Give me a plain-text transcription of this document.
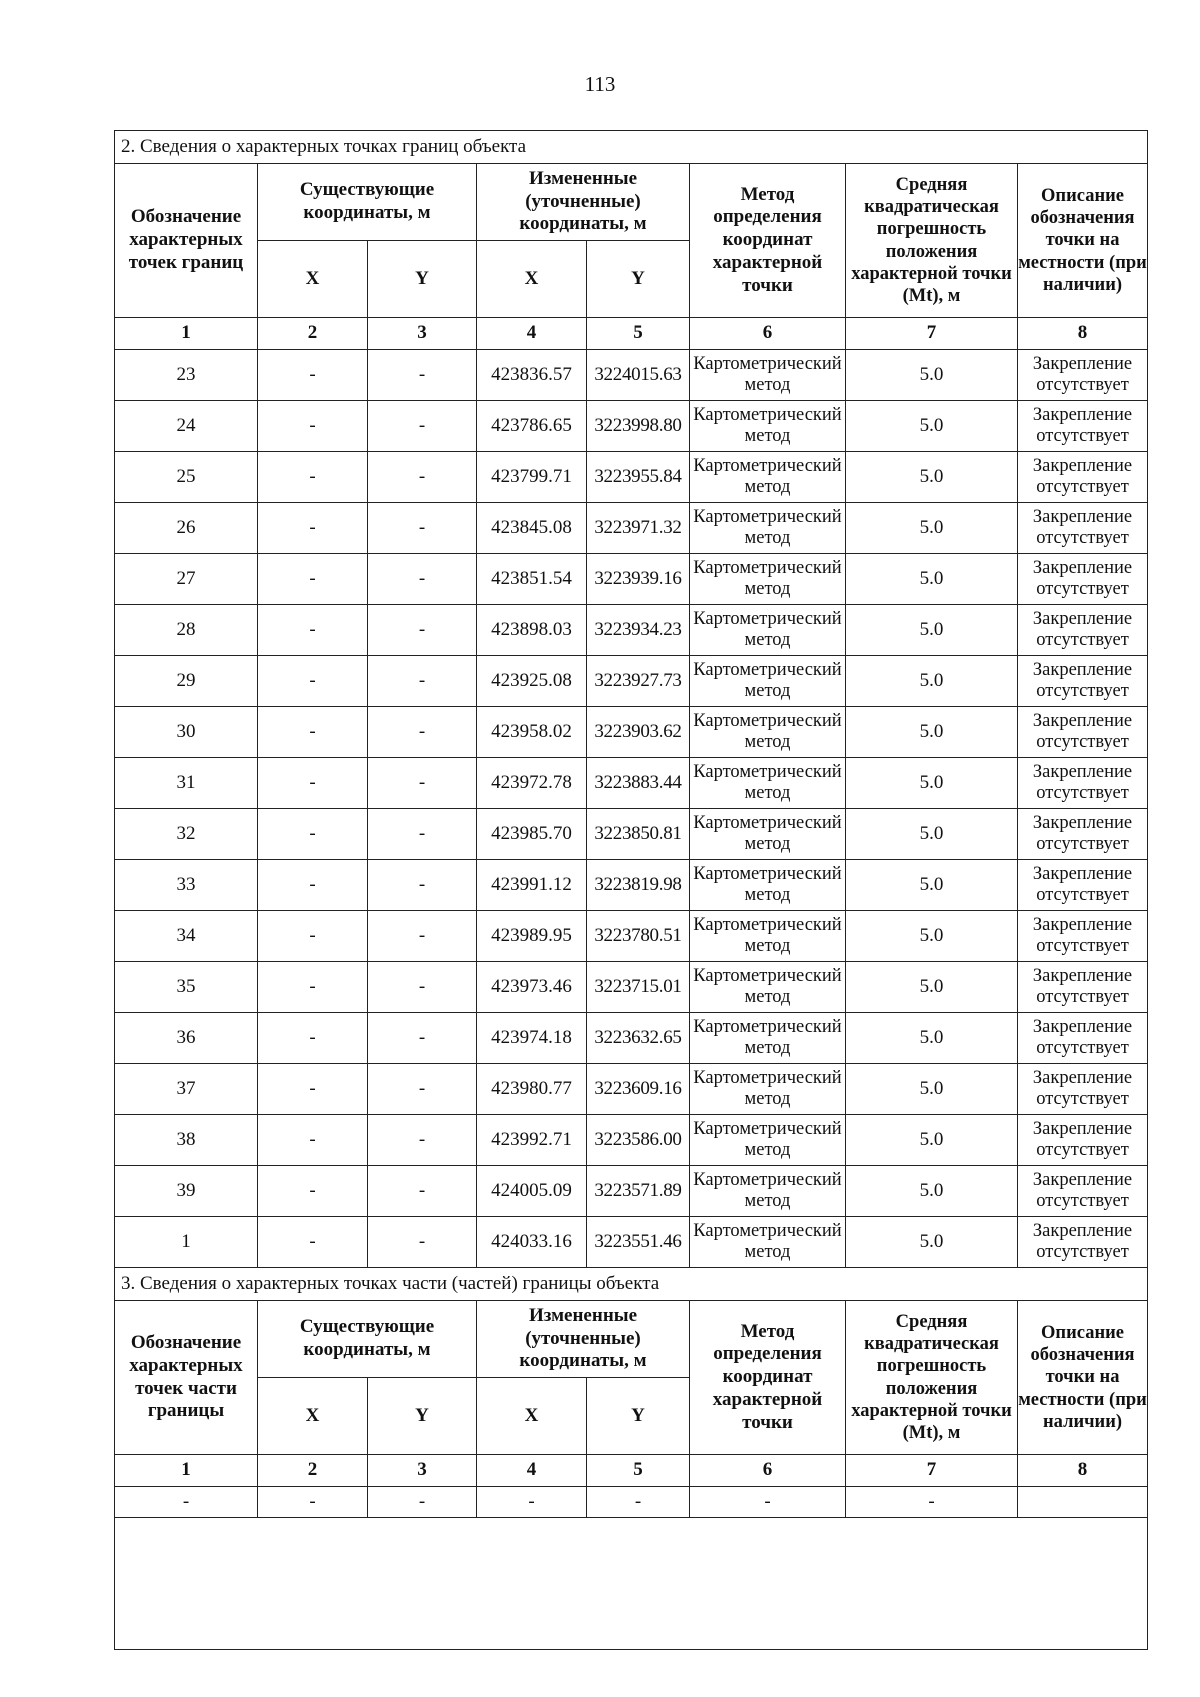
113
2. Сведения о характерных точках границ объекта							
Обозначение характерных точек границ	Существующие координаты, м		Измененные (уточненные) координаты, м		Метод определения координат характерной точки	Средняя квадратическая погрешность положения характерной точки (Mt), м	Описание обозначения точки на местности (при наличии)
	X	Y	X	Y			
1	2	3	4	5	6	7	8
23	-	-	423836.57	3224015.63	Картометрический метод	5.0	Закрепление отсутствует
24	-	-	423786.65	3223998.80	Картометрический метод	5.0	Закрепление отсутствует
25	-	-	423799.71	3223955.84	Картометрический метод	5.0	Закрепление отсутствует
26	-	-	423845.08	3223971.32	Картометрический метод	5.0	Закрепление отсутствует
27	-	-	423851.54	3223939.16	Картометрический метод	5.0	Закрепление отсутствует
28	-	-	423898.03	3223934.23	Картометрический метод	5.0	Закрепление отсутствует
29	-	-	423925.08	3223927.73	Картометрический метод	5.0	Закрепление отсутствует
30	-	-	423958.02	3223903.62	Картометрический метод	5.0	Закрепление отсутствует
31	-	-	423972.78	3223883.44	Картометрический метод	5.0	Закрепление отсутствует
32	-	-	423985.70	3223850.81	Картометрический метод	5.0	Закрепление отсутствует
33	-	-	423991.12	3223819.98	Картометрический метод	5.0	Закрепление отсутствует
34	-	-	423989.95	3223780.51	Картометрический метод	5.0	Закрепление отсутствует
35	-	-	423973.46	3223715.01	Картометрический метод	5.0	Закрепление отсутствует
36	-	-	423974.18	3223632.65	Картометрический метод	5.0	Закрепление отсутствует
37	-	-	423980.77	3223609.16	Картометрический метод	5.0	Закрепление отсутствует
38	-	-	423992.71	3223586.00	Картометрический метод	5.0	Закрепление отсутствует
39	-	-	424005.09	3223571.89	Картометрический метод	5.0	Закрепление отсутствует
1	-	-	424033.16	3223551.46	Картометрический метод	5.0	Закрепление отсутствует
3. Сведения о характерных точках части (частей) границы объекта							
Обозначение характерных точек части границы	Существующие координаты, м		Измененные (уточненные) координаты, м		Метод определения координат характерной точки	Средняя квадратическая погрешность положения характерной точки (Mt), м	Описание обозначения точки на местности (при наличии)
	X	Y	X	Y			
1	2	3	4	5	6	7	8
-	-	-	-	-	-	-	
